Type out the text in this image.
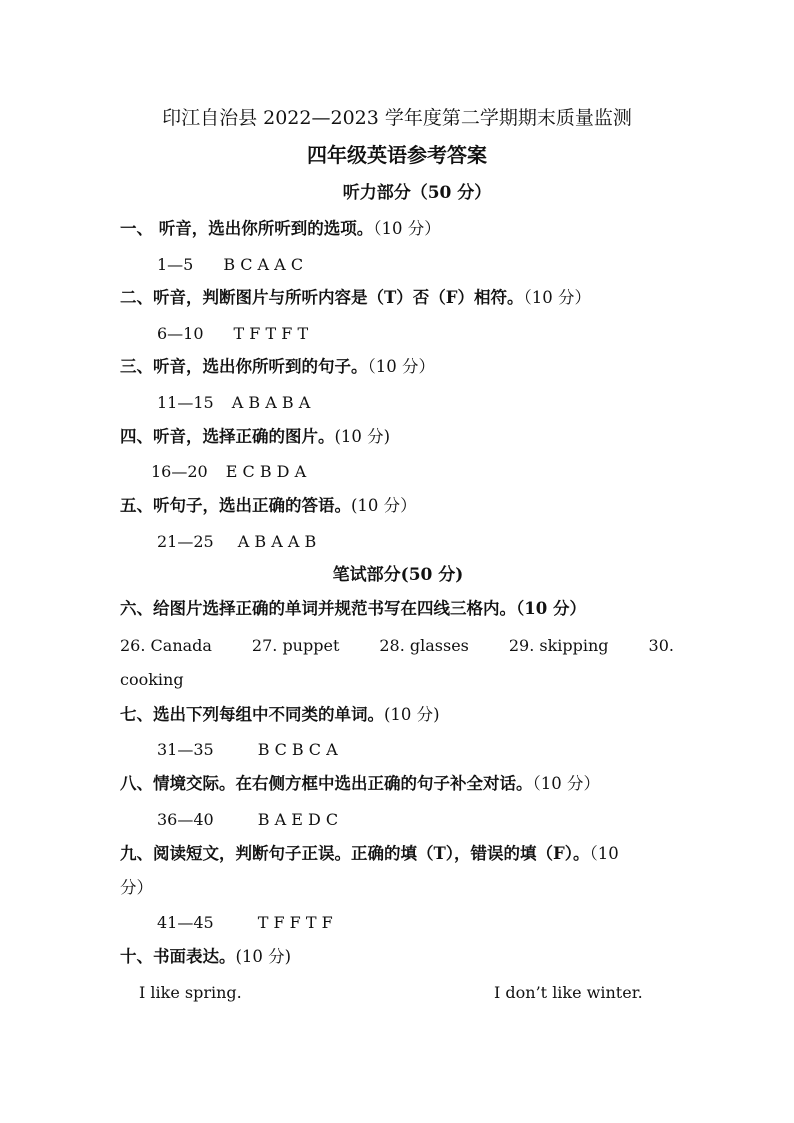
印江自治县 2022—2023 学年度第二学期期末质量监测
四年级英语参考答案
听力部分（50 分）
一、 听音，选出你所听到的选项。（10 分）
1—5 B C A A C
二、听音，判断图片与所听内容是（T）否（F）相符。（10 分）
6—10 T F T F T
三、听音，选出你所听到的句子。（10 分）
11—15 A B A B A
四、听音，选择正确的图片。(10 分)
16—20 E C B D A
五、听句子，选出正确的答语。(10 分）
21—25 A B A A B
笔试部分(50 分)
六、给图片选择正确的单词并规范书写在四线三格内。（10 分）
26. Canada 27. puppet 28. glasses 29. skipping 30.
cooking
七、选出下列每组中不同类的单词。(10 分)
31—35	B C B C A
八、情境交际。在右侧方框中选出正确的句子补全对话。（10 分）
36—40	B A E D C
九、阅读短文，判断句子正误。正确的填（T），错误的填（F）。（10
分）
41—45	T F F T F
十、书面表达。(10 分)
I like spring.	I don’t like winter.
